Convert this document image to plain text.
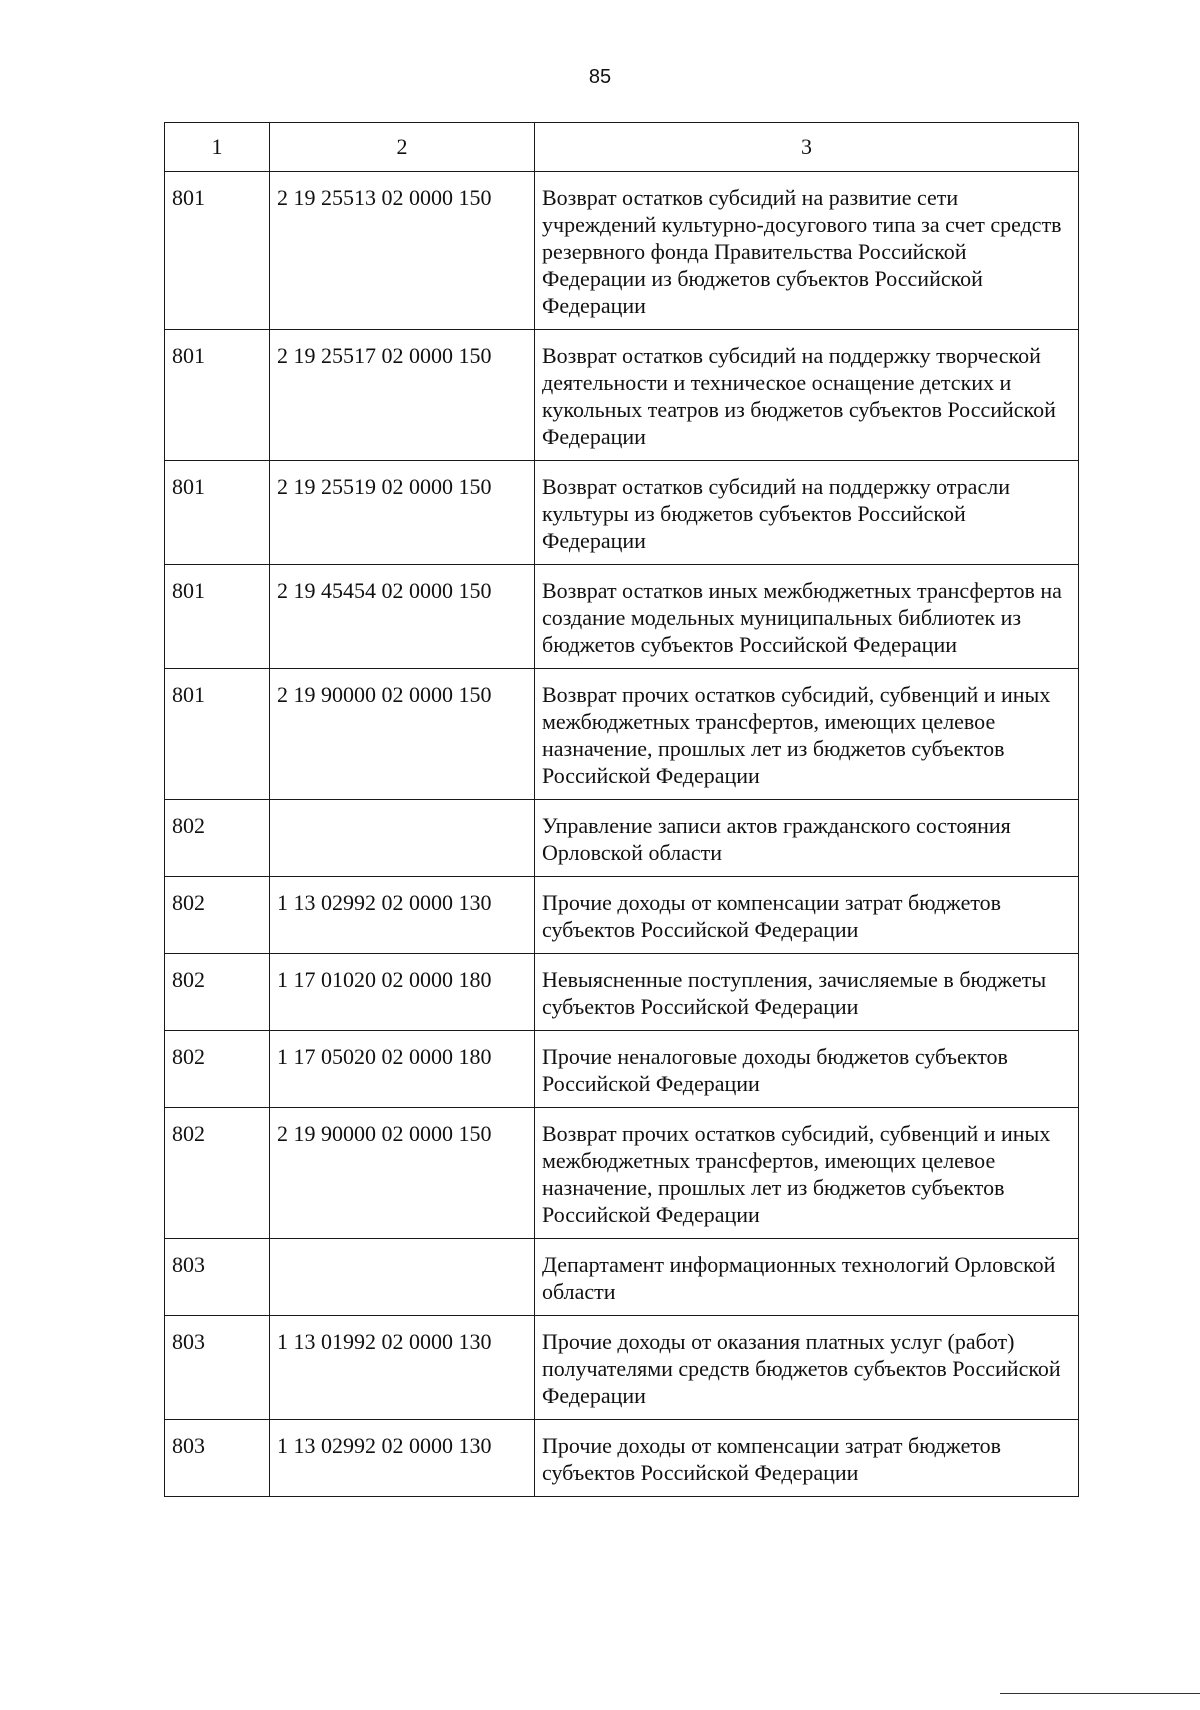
85
1	2	3
801	2 19 25513 02 0000 150	Возврат остатков субсидий на развитие сети учреждений культурно-досугового типа за счет средств резервного фонда Правительства Российской Федерации из бюджетов субъектов Российской Федерации
801	2 19 25517 02 0000 150	Возврат остатков субсидий на поддержку творческой деятельности и техническое оснащение детских и кукольных театров из бюджетов субъектов Российской Федерации
801	2 19 25519 02 0000 150	Возврат остатков субсидий на поддержку отрасли культуры из бюджетов субъектов Российской Федерации
801	2 19 45454 02 0000 150	Возврат остатков иных межбюджетных трансфертов на создание модельных муниципальных библиотек из бюджетов субъектов Российской Федерации
801	2 19 90000 02 0000 150	Возврат прочих остатков субсидий, субвенций и иных межбюджетных трансфертов, имеющих целевое назначение, прошлых лет из бюджетов субъектов Российской Федерации
802		Управление записи актов гражданского состояния Орловской области
802	1 13 02992 02 0000 130	Прочие доходы от компенсации затрат бюджетов субъектов Российской Федерации
802	1 17 01020 02 0000 180	Невыясненные поступления, зачисляемые в бюджеты субъектов Российской Федерации
802	1 17 05020 02 0000 180	Прочие неналоговые доходы бюджетов субъектов Российской Федерации
802	2 19 90000 02 0000 150	Возврат прочих остатков субсидий, субвенций и иных межбюджетных трансфертов, имеющих целевое назначение, прошлых лет из бюджетов субъектов Российской Федерации
803		Департамент информационных технологий Орловской области
803	1 13 01992 02 0000 130	Прочие доходы от оказания платных услуг (работ) получателями средств бюджетов субъектов Российской Федерации
803	1 13 02992 02 0000 130	Прочие доходы от компенсации затрат бюджетов субъектов Российской Федерации
